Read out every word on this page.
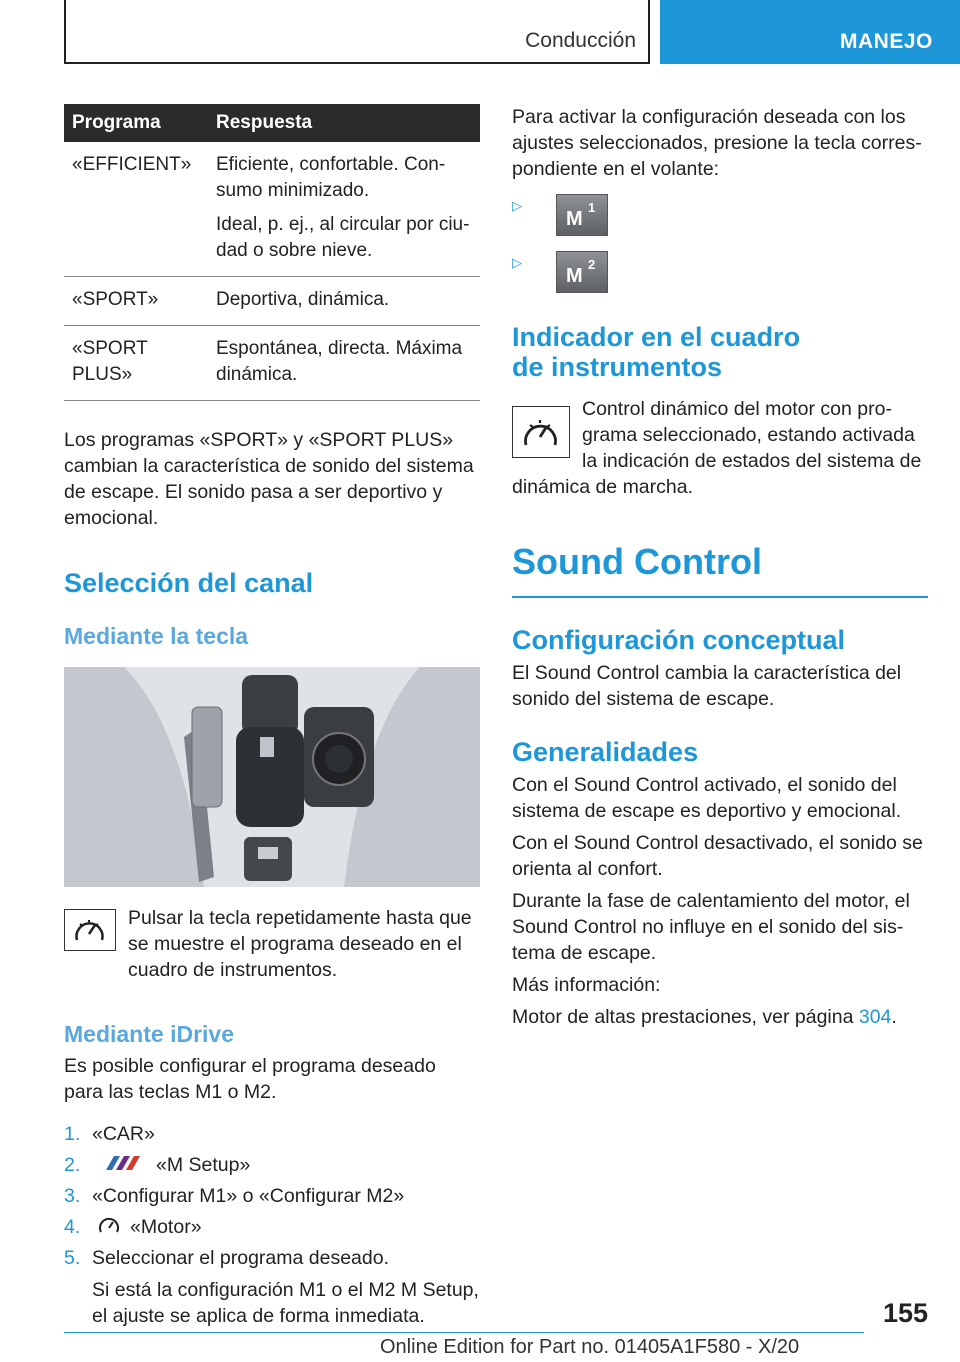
Conducción	MANEJO
Programa	Respuesta
«EFFICIENT»	Eficiente, confortable. Consumo minimizado.

Ideal, p. ej., al circular por ciudad o sobre nieve.

«SPORT»	Deportiva, dinámica.

«SPORT PLUS»	Espontánea, directa. Máxima dinámica.

Los programas «SPORT» y «SPORT PLUS» cambian la característica de sonido del sistema de escape. El sonido pasa a ser deportivo y emocional.

Selección del canal
Mediante la tecla

Pulsar la tecla repetidamente hasta que se muestre el programa deseado en el cuadro de instrumentos.

Mediante iDrive

Es posible configurar el programa deseado para las teclas M1 o M2.

1. «CAR»
2.	«M Setup»
3. «Configurar M1» o «Configurar M2»
4.	«Motor»
5. Seleccionar el programa deseado.

Si está la configuración M1 o el M2 M Setup, el ajuste se aplica de forma inmediata.

Para activar la configuración deseada con los ajustes seleccionados, presione la tecla correspondiente en el volante:

▷
M
1
▷
M
2
Indicador en el cuadro
de instrumentos

Control dinámico del motor con programa seleccionado, estando activada la indicación de estados del sistema de dinámica de marcha.

Sound Control
Configuración conceptual

El Sound Control cambia la característica del sonido del sistema de escape.

Generalidades

Con el Sound Control activado, el sonido del sistema de escape es deportivo y emocional.

Con el Sound Control desactivado, el sonido se orienta al confort.

Durante la fase de calentamiento del motor, el Sound Control no influye en el sonido del sistema de escape.

Más información:

Motor de altas prestaciones, ver página 304.

155
Online Edition for Part no. 01405A1F580 - X/20
